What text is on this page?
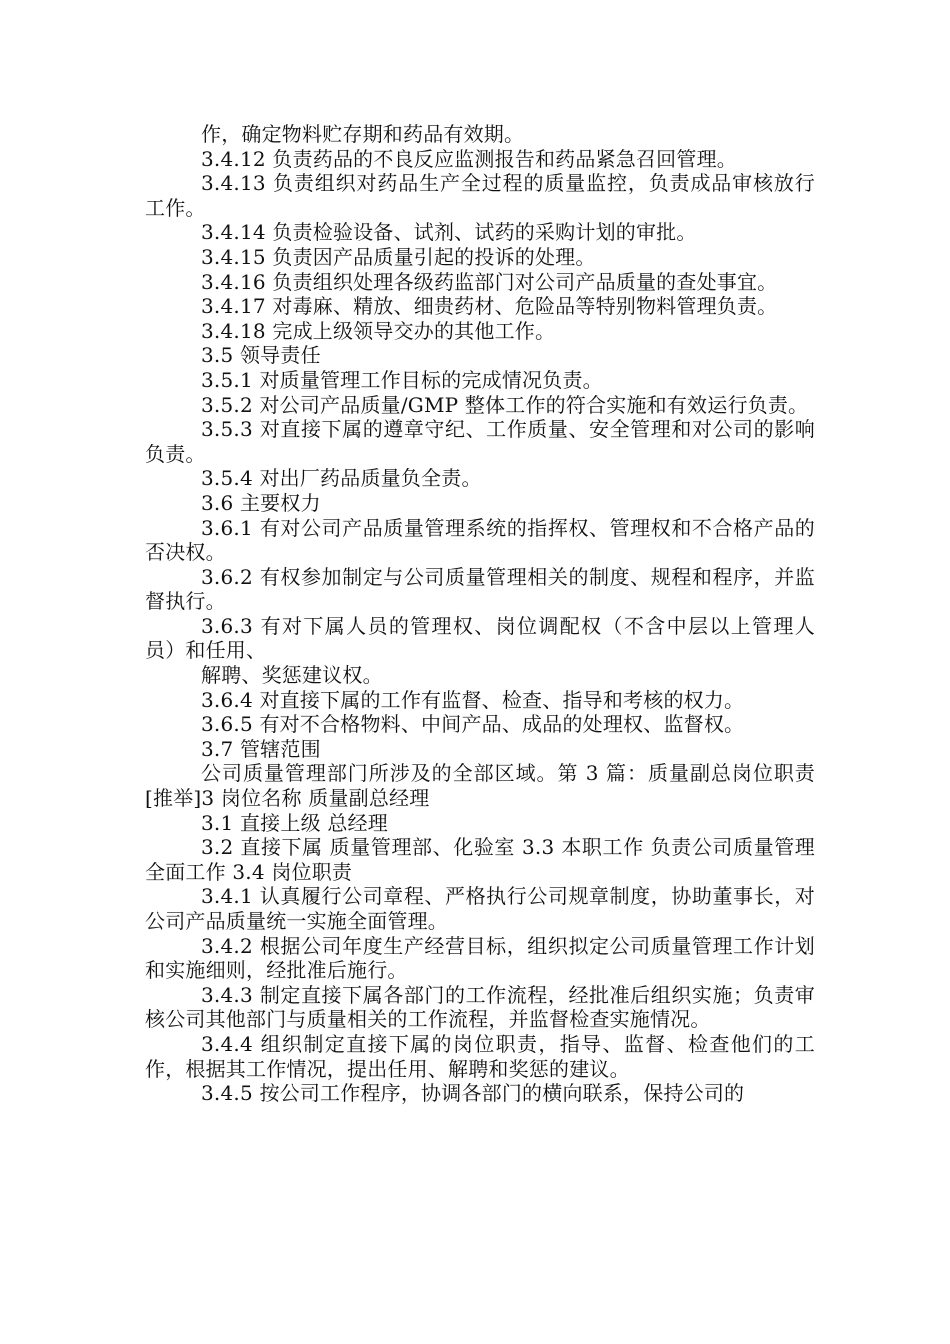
作，确定物料贮存期和药品有效期。

3.4.12 负责药品的不良反应监测报告和药品紧急召回管理。

3.4.13 负责组织对药品生产全过程的质量监控，负责成品审核放行工作。

3.4.14 负责检验设备、试剂、试药的采购计划的审批。

3.4.15 负责因产品质量引起的投诉的处理。

3.4.16 负责组织处理各级药监部门对公司产品质量的查处事宜。

3.4.17 对毒麻、精放、细贵药材、危险品等特别物料管理负责。

3.4.18 完成上级领导交办的其他工作。

3.5 领导责任

3.5.1 对质量管理工作目标的完成情况负责。

3.5.2 对公司产品质量/GMP 整体工作的符合实施和有效运行负责。

3.5.3 对直接下属的遵章守纪、工作质量、安全管理和对公司的影响负责。

3.5.4 对出厂药品质量负全责。

3.6 主要权力

3.6.1 有对公司产品质量管理系统的指挥权、管理权和不合格产品的否决权。

3.6.2 有权参加制定与公司质量管理相关的制度、规程和程序，并监督执行。

3.6.3 有对下属人员的管理权、岗位调配权（不含中层以上管理人员）和任用、

解聘、奖惩建议权。

3.6.4 对直接下属的工作有监督、检查、指导和考核的权力。

3.6.5 有对不合格物料、中间产品、成品的处理权、监督权。

3.7 管辖范围

公司质量管理部门所涉及的全部区域。第 3 篇：质量副总岗位职责[推举]3 岗位名称 质量副总经理

3.1 直接上级 总经理

3.2 直接下属 质量管理部、化验室 3.3 本职工作 负责公司质量管理全面工作 3.4 岗位职责

3.4.1 认真履行公司章程、严格执行公司规章制度，协助董事长，对公司产品质量统一实施全面管理。

3.4.2 根据公司年度生产经营目标，组织拟定公司质量管理工作计划和实施细则，经批准后施行。

3.4.3 制定直接下属各部门的工作流程，经批准后组织实施；负责审核公司其他部门与质量相关的工作流程，并监督检查实施情况。

3.4.4 组织制定直接下属的岗位职责，指导、监督、检查他们的工作，根据其工作情况，提出任用、解聘和奖惩的建议。

3.4.5 按公司工作程序，协调各部门的横向联系，保持公司的
